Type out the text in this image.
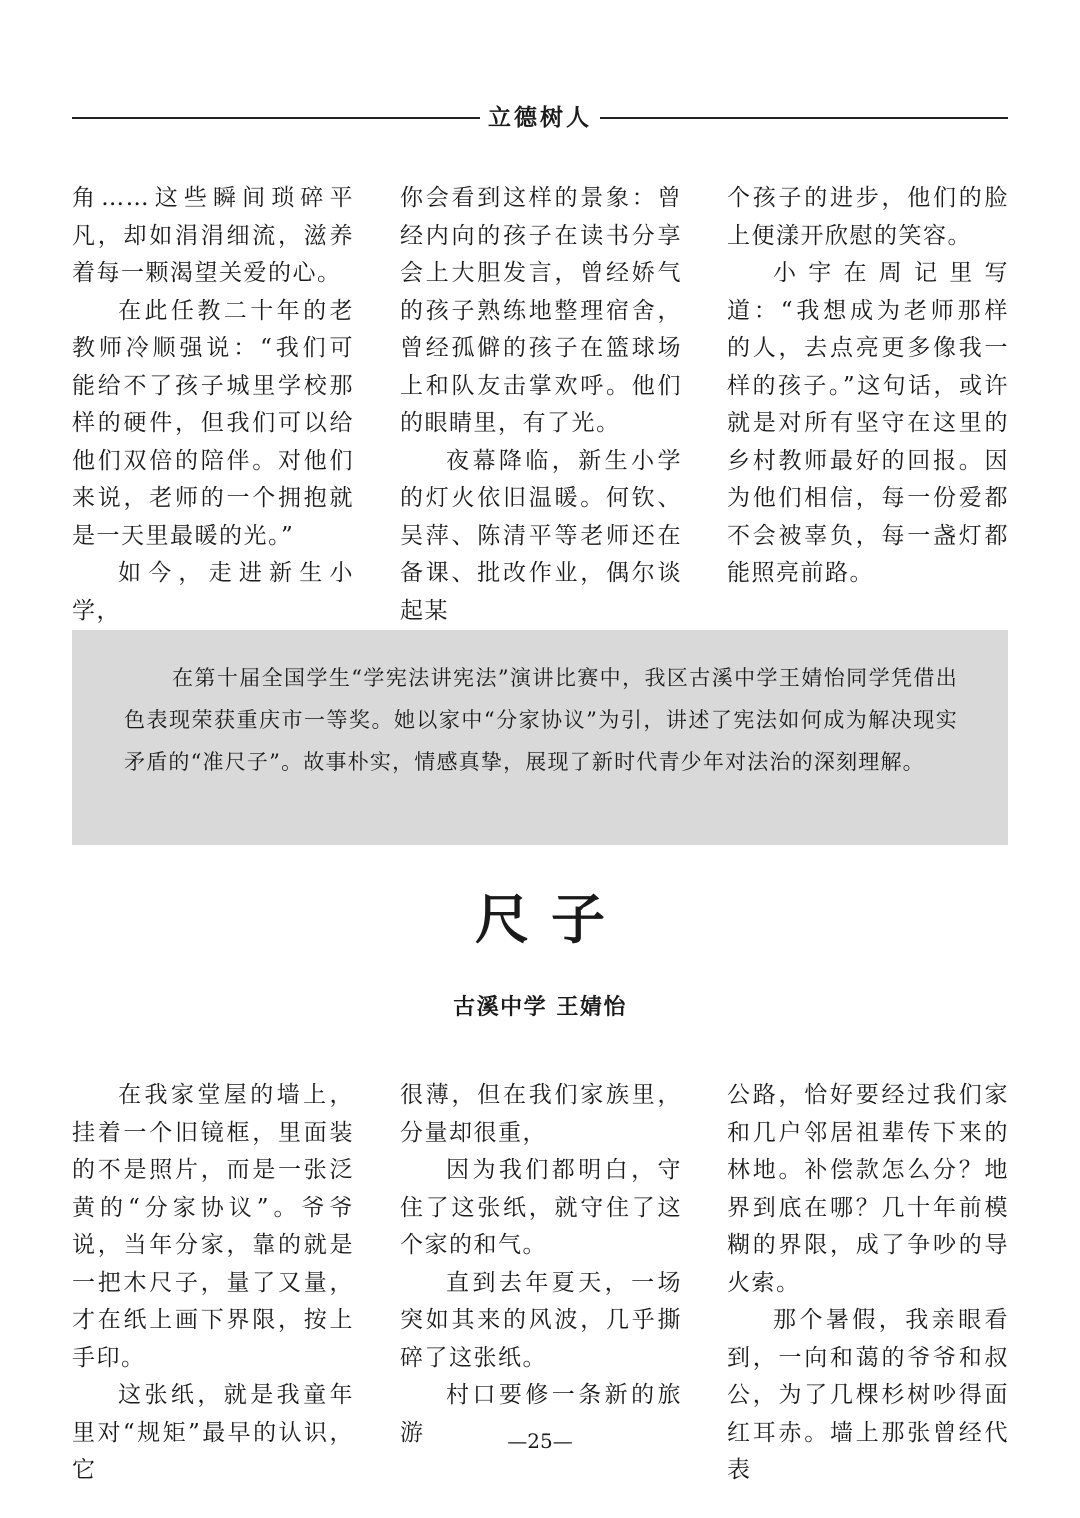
立德树人

角……这些瞬间琐碎平凡，却如涓涓细流，滋养着每一颗渴望关爱的心。

在此任教二十年的老教师冷顺强说：“我们可能给不了孩子城里学校那样的硬件，但我们可以给他们双倍的陪伴。对他们来说，老师的一个拥抱就是一天里最暖的光。”

如今，走进新生小学，

你会看到这样的景象：曾经内向的孩子在读书分享会上大胆发言，曾经娇气的孩子熟练地整理宿舍，曾经孤僻的孩子在篮球场上和队友击掌欢呼。他们的眼睛里，有了光。

夜幕降临，新生小学的灯火依旧温暖。何钦、吴萍、陈清平等老师还在备课、批改作业，偶尔谈起某

个孩子的进步，他们的脸上便漾开欣慰的笑容。

小宇在周记里写道：“我想成为老师那样的人，去点亮更多像我一样的孩子。”这句话，或许就是对所有坚守在这里的乡村教师最好的回报。因为他们相信，每一份爱都不会被辜负，每一盏灯都能照亮前路。

在第十届全国学生“学宪法讲宪法”演讲比赛中，我区古溪中学王婧怡同学凭借出色表现荣获重庆市一等奖。她以家中“分家协议”为引，讲述了宪法如何成为解决现实矛盾的“准尺子”。故事朴实，情感真挚，展现了新时代青少年对法治的深刻理解。

尺子
古溪中学 王婧怡

在我家堂屋的墙上，挂着一个旧镜框，里面装的不是照片，而是一张泛黄的“分家协议”。爷爷说，当年分家，靠的就是一把木尺子，量了又量，才在纸上画下界限，按上手印。

这张纸，就是我童年里对“规矩”最早的认识，它

很薄，但在我们家族里，分量却很重，

因为我们都明白，守住了这张纸，就守住了这个家的和气。

直到去年夏天，一场突如其来的风波，几乎撕碎了这张纸。

村口要修一条新的旅游

公路，恰好要经过我们家和几户邻居祖辈传下来的林地。补偿款怎么分？地界到底在哪？几十年前模糊的界限，成了争吵的导火索。

那个暑假，我亲眼看到，一向和蔼的爷爷和叔公，为了几棵杉树吵得面红耳赤。墙上那张曾经代表

—25—
